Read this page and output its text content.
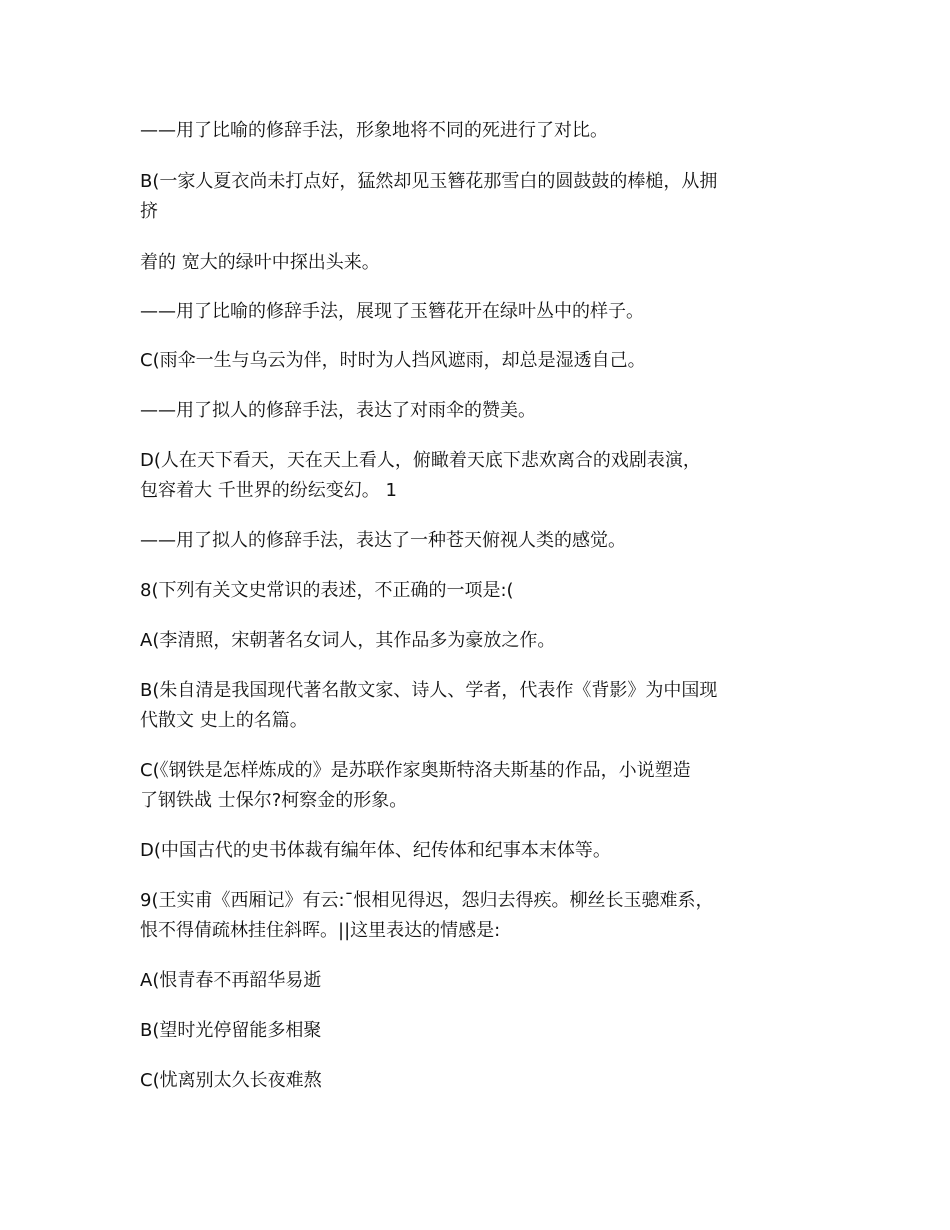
——用了比喻的修辞手法，形象地将不同的死进行了对比。

B(一家人夏衣尚未打点好，猛然却见玉簪花那雪白的圆鼓鼓的棒槌，从拥

挤

着的 宽大的绿叶中探出头来。

——用了比喻的修辞手法，展现了玉簪花开在绿叶丛中的样子。

C(雨伞一生与乌云为伴，时时为人挡风遮雨，却总是湿透自己。

——用了拟人的修辞手法，表达了对雨伞的赞美。

D(人在天下看天，天在天上看人，俯瞰着天底下悲欢离合的戏剧表演，

包容着大 千世界的纷纭变幻。 1

——用了拟人的修辞手法，表达了一种苍天俯视人类的感觉。

8(下列有关文史常识的表述，不正确的一项是:(

A(李清照，宋朝著名女词人，其作品多为豪放之作。

B(朱自清是我国现代著名散文家、诗人、学者，代表作《背影》为中国现

代散文 史上的名篇。

C(《钢铁是怎样炼成的》是苏联作家奥斯特洛夫斯基的作品，小说塑造

了钢铁战 士保尔?柯察金的形象。

D(中国古代的史书体裁有编年体、纪传体和纪事本末体等。

9(王实甫《西厢记》有云:¯恨相见得迟，怨归去得疾。柳丝长玉骢难系，

恨不得倩疏林挂住斜晖。||这里表达的情感是:

A(恨青春不再韶华易逝

B(望时光停留能多相聚

C(忧离别太久长夜难熬
